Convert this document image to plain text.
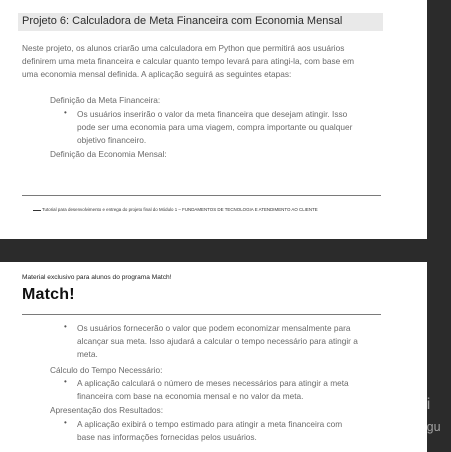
Projeto 6: Calculadora de Meta Financeira com Economia Mensal
Neste projeto, os alunos criarão uma calculadora em Python que permitirá aos usuários
definirem uma meta financeira e calcular quanto tempo levará para atingi-la, com base em
uma economia mensal definida. A aplicação seguirá as seguintes etapas:
Definição da Meta Financeira:
•	Os usuários inserirão o valor da meta financeira que desejam atingir. Isso
pode ser uma economia para uma viagem, compra importante ou qualquer
objetivo financeiro.
Definição da Economia Mensal:
Tutorial para desenvolvimento e entrega do projeto final do Módulo 1 – FUNDAMENTOS DE TECNOLOGIA E ATENDIMENTO AO CLIENTE
Material exclusivo para alunos do programa Match!
Match!
•	Os usuários fornecerão o valor que podem economizar mensalmente para
alcançar sua meta. Isso ajudará a calcular o tempo necessário para atingir a
meta.
Cálculo do Tempo Necessário:
•	A aplicação calculará o número de meses necessários para atingir a meta
financeira com base na economia mensal e no valor da meta.
Apresentação dos Resultados:
•	A aplicação exibirá o tempo estimado para atingir a meta financeira com
base nas informações fornecidas pelos usuários.
Ativar o Wi
Acesse Configu
